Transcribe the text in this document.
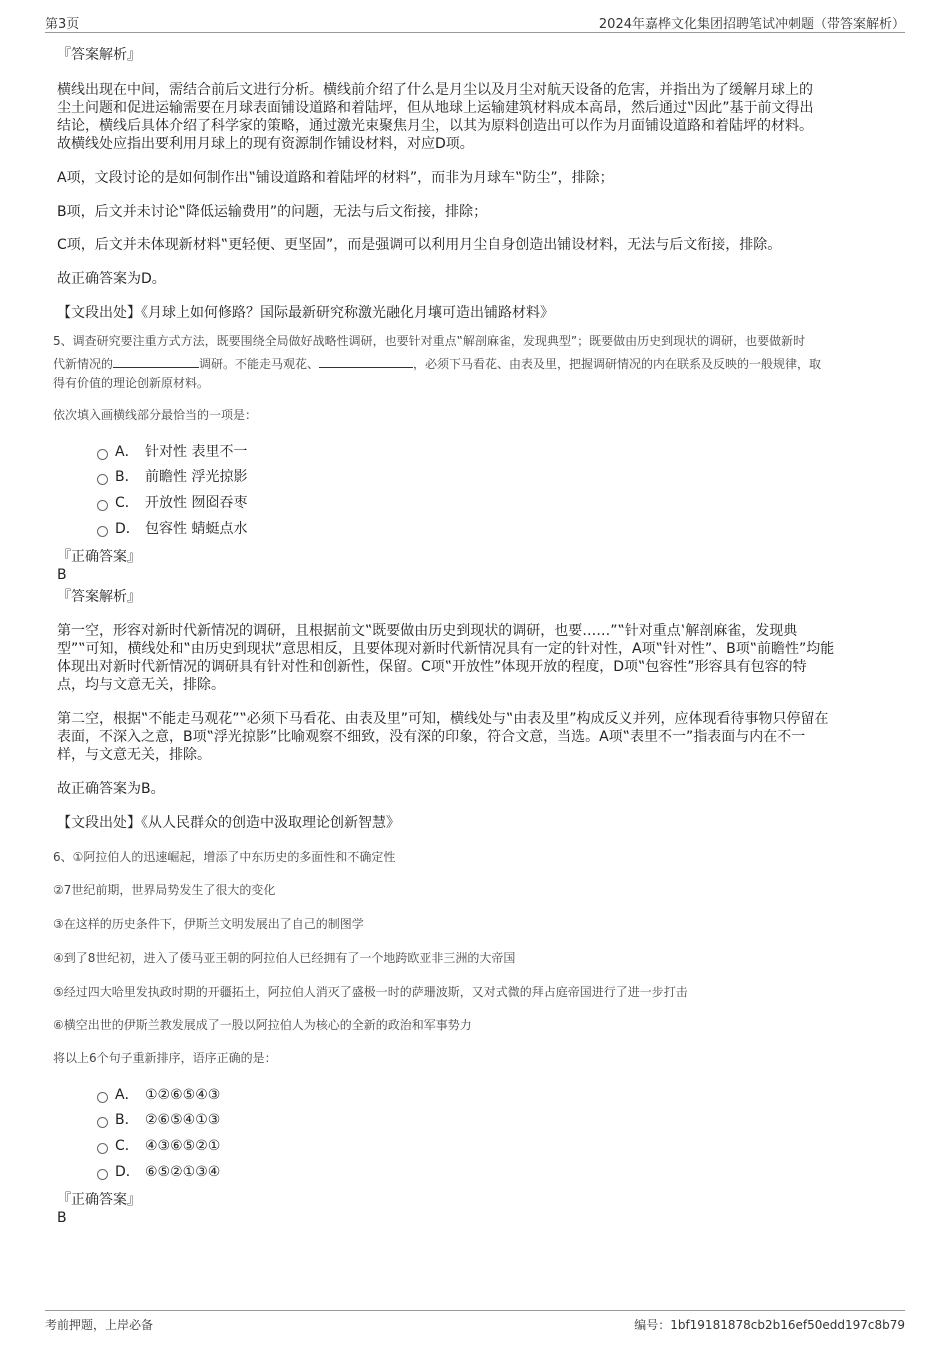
第3页	2024年嘉桦文化集团招聘笔试冲刺题（带答案解析）
『答案解析』
横线出现在中间，需结合前后文进行分析。横线前介绍了什么是月尘以及月尘对航天设备的危害，并指出为了缓解月球上的
尘土问题和促进运输需要在月球表面铺设道路和着陆坪，但从地球上运输建筑材料成本高昂，然后通过‟因此”基于前文得出
结论，横线后具体介绍了科学家的策略，通过激光束聚焦月尘，以其为原料创造出可以作为月面铺设道路和着陆坪的材料。
故横线处应指出要利用月球上的现有资源制作铺设材料，对应D项。
A项，文段讨论的是如何制作出‟铺设道路和着陆坪的材料”，而非为月球车‟防尘”，排除；
B项，后文并未讨论‟降低运输费用”的问题，无法与后文衔接，排除；
C项，后文并未体现新材料‟更轻便、更坚固”，而是强调可以利用月尘自身创造出铺设材料，无法与后文衔接，排除。
故正确答案为D。
【文段出处】《月球上如何修路？国际最新研究称激光融化月壤可造出铺路材料》
5、调查研究要注重方式方法，既要围绕全局做好战略性调研，也要针对重点‟解剖麻雀，发现典型”；既要做由历史到现状的调研，也要做新时
代新情况的	调研。不能走马观花、	，必须下马看花、由表及里，把握调研情况的内在联系及反映的一般规律，取
得有价值的理论创新原材料。
依次填入画横线部分最恰当的一项是：
A． 针对性 表里不一
B． 前瞻性 浮光掠影
C． 开放性 囫囵吞枣
D． 包容性 蜻蜓点水
『正确答案』
B
『答案解析』
第一空，形容对新时代新情况的调研，且根据前文‟既要做由历史到现状的调研，也要……”‟针对重点‛解剖麻雀，发现典
型”‟可知，横线处和‟由历史到现状”意思相反，且要体现对新时代新情况具有一定的针对性，A项‟针对性”、B项‟前瞻性”均能
体现出对新时代新情况的调研具有针对性和创新性，保留。C项‟开放性”体现开放的程度，D项‟包容性”形容具有包容的特
点，均与文意无关，排除。
第二空，根据‟不能走马观花”‟必须下马看花、由表及里”可知，横线处与‟由表及里”构成反义并列，应体现看待事物只停留在
表面，不深入之意，B项‟浮光掠影”比喻观察不细致，没有深的印象，符合文意，当选。A项‟表里不一”指表面与内在不一
样，与文意无关，排除。
故正确答案为B。
【文段出处】《从人民群众的创造中汲取理论创新智慧》
6、①阿拉伯人的迅速崛起，增添了中东历史的多面性和不确定性
②7世纪前期，世界局势发生了很大的变化
③在这样的历史条件下，伊斯兰文明发展出了自己的制图学
④到了8世纪初，进入了倭马亚王朝的阿拉伯人已经拥有了一个地跨欧亚非三洲的大帝国
⑤经过四大哈里发执政时期的开疆拓土，阿拉伯人消灭了盛极一时的萨珊波斯，又对式微的拜占庭帝国进行了进一步打击
⑥横空出世的伊斯兰教发展成了一股以阿拉伯人为核心的全新的政治和军事势力
将以上6个句子重新排序，语序正确的是：
A． ①②⑥⑤④③
B． ②⑥⑤④①③
C． ④③⑥⑤②①
D． ⑥⑤②①③④
『正确答案』
B
考前押题，上岸必备	编号：1bf19181878cb2b16ef50edd197c8b79
